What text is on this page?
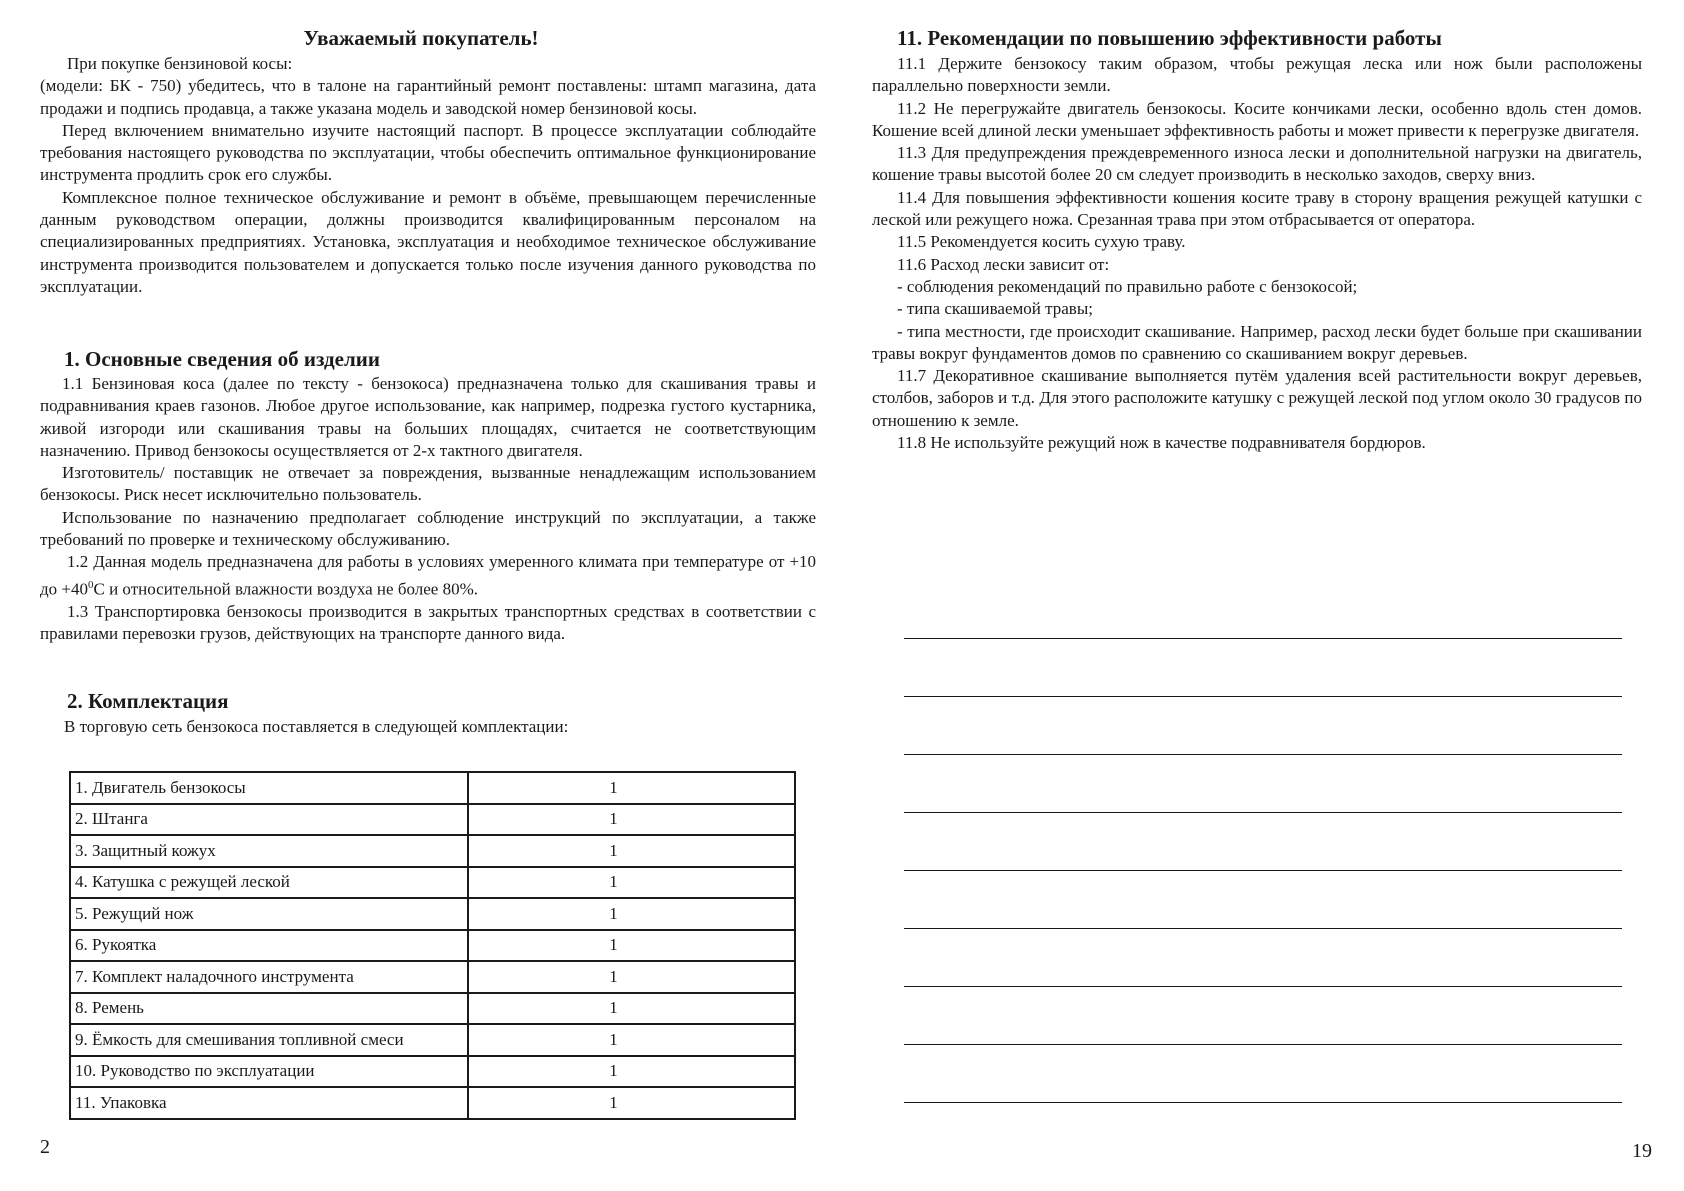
Уважаемый покупатель!

При покупке бензиновой косы:

(модели: БК - 750) убедитесь, что в талоне на гарантийный ремонт поставлены: штамп магазина, дата продажи и подпись продавца, а также указана модель и заводской номер бензиновой косы.

Перед включением внимательно изучите настоящий паспорт. В процессе эксплуатации соблюдайте требования настоящего руководства по эксплуатации, чтобы обеспечить оптимальное функционирование инструмента продлить срок его службы.

Комплексное полное техническое обслуживание и ремонт в объёме, превышающем перечисленные данным руководством операции, должны производится квалифицированным персоналом на специализированных предприятиях. Установка, эксплуатация и необходимое техническое обслуживание инструмента производится пользователем и допускается только после изучения данного руководства по эксплуатации.

1. Основные сведения об изделии

1.1 Бензиновая коса (далее по тексту - бензокоса) предназначена только для скашивания травы и подравнивания краев газонов. Любое другое использование, как например, подрезка густого кустарника, живой изгороди или скашивания травы на больших площадях, считается не соответствующим назначению. Привод бензокосы осуществляется от 2-х тактного двигателя.

Изготовитель/ поставщик не отвечает за повреждения, вызванные ненадлежащим использованием бензокосы. Риск несет исключительно пользователь.

Использование по назначению предполагает соблюдение инструкций по эксплуатации, а также требований по проверке и техническому обслуживанию.

1.2 Данная модель предназначена для работы в условиях умеренного климата при температуре от +10 до $+40^0С$ и относительной влажности воздуха не более 80%.

1.3 Транспортировка бензокосы производится в закрытых транспортных средствах в соответствии с правилами перевозки грузов, действующих на транспорте данного вида.

2. Комплектация
В торговую сеть бензокоса поставляется в следующей комплектации:
1. Двигатель бензокосы	1
2. Штанга	1
3. Защитный кожух	1
4. Катушка с режущей леской	1
5. Режущий нож	1
6. Рукоятка	1
7. Комплект наладочного инструмента	1
8. Ремень	1
9. Ёмкость для смешивания топливной смеси	1
10. Руководство по эксплуатации	1
11. Упаковка	1
2
11. Рекомендации по повышению эффективности работы

11.1 Держите бензокосу таким образом, чтобы режущая леска или нож были расположены параллельно поверхности земли.

11.2 Не перегружайте двигатель бензокосы. Косите кончиками лески, особенно вдоль стен домов. Кошение всей длиной лески уменьшает эффективность работы и может привести к перегрузке двигателя.

11.3 Для предупреждения преждевременного износа лески и дополнительной нагрузки на двигатель, кошение травы высотой более 20 см следует производить в несколько заходов, сверху вниз.

11.4 Для повышения эффективности кошения косите траву в сторону вращения режущей катушки с леской или режущего ножа. Срезанная трава при этом отбрасывается от оператора.

11.5 Рекомендуется косить сухую траву.

11.6 Расход лески зависит от:

- соблюдения рекомендаций по правильно работе с бензокосой;

- типа скашиваемой травы;

- типа местности, где происходит скашивание. Например, расход лески будет больше при скашивании травы вокруг фундаментов домов по сравнению со скашиванием вокруг деревьев.

11.7 Декоративное скашивание выполняется путём удаления всей растительности вокруг деревьев, столбов, заборов и т.д. Для этого расположите катушку с режущей леской под углом около 30 градусов по отношению к земле.

11.8 Не используйте режущий нож в качестве подравнивателя бордюров.

19
